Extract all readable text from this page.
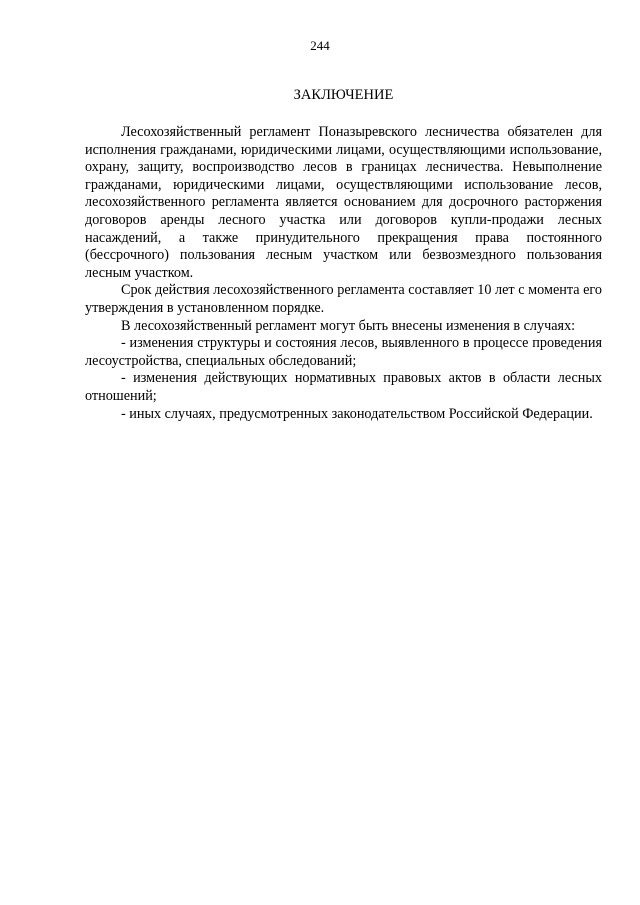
244
ЗАКЛЮЧЕНИЕ

Лесохозяйственный регламент Поназыревского лесничества обязателен для исполнения гражданами, юридическими лицами, осуществляющими использование, охрану, защиту, воспроизводство лесов в границах лесничества. Невыполнение гражданами, юридическими лицами, осуществляющими использование лесов, лесохозяйственного регламента является основанием для досрочного расторжения договоров аренды лесного участка или договоров купли-продажи лесных насаждений, а также принудительного прекращения права постоянного (бессрочного) пользования лесным участком или безвозмездного пользования лесным участком.

Срок действия лесохозяйственного регламента составляет 10 лет с момента его утверждения в установленном порядке.

В лесохозяйственный регламент могут быть внесены изменения в случаях:

- изменения структуры и состояния лесов, выявленного в процессе проведения лесоустройства, специальных обследований;

- изменения действующих нормативных правовых актов в области лесных отношений;

- иных случаях, предусмотренных законодательством Российской Федерации.
